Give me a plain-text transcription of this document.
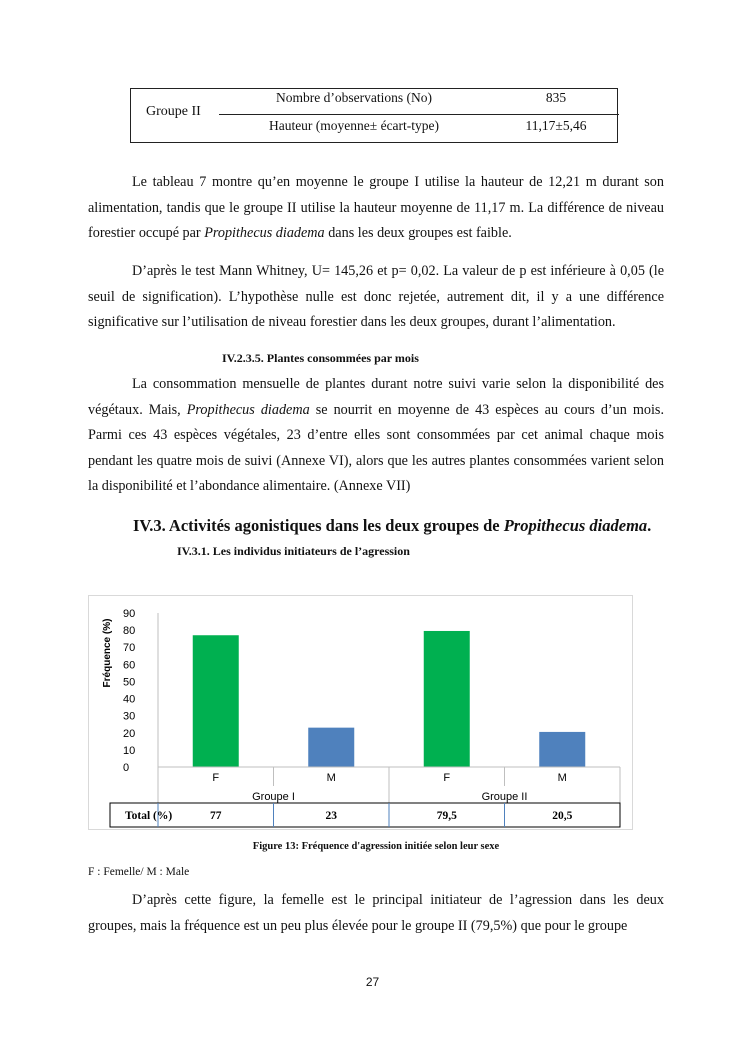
Groupe II
Nombre d’observations (No)	835
Hauteur (moyenne± écart-type)	11,17±5,46

Le tableau 7 montre qu’en moyenne le groupe I utilise la hauteur de 12,21 m durant son alimentation, tandis que le groupe II utilise la hauteur moyenne de 11,17 m. La différence de niveau forestier occupé par Propithecus diadema dans les deux groupes est faible.

D’après le test Mann Whitney, U= 145,26 et p= 0,02. La valeur de p est inférieure à 0,05 (le seuil de signification). L’hypothèse nulle est donc rejetée, autrement dit, il y a une différence significative sur l’utilisation de niveau forestier dans les deux groupes, durant l’alimentation.

IV.2.3.5. Plantes consommées par mois

La consommation mensuelle de plantes durant notre suivi varie selon la disponibilité des végétaux. Mais, Propithecus diadema se nourrit en moyenne de 43 espèces au cours d’un mois. Parmi ces 43 espèces végétales, 23 d’entre elles sont consommées par cet animal chaque mois pendant les quatre mois de suivi (Annexe VI), alors que les autres plantes consommées varient selon la disponibilité et l’abondance alimentaire. (Annexe VII)

IV.3. Activités agonistiques dans les deux groupes de Propithecus diadema.
IV.3.1. Les individus initiateurs de l’agression
Fréquence (%)
0
10
20
30
40
50
60
70
80
90
F	M	F	M
Groupe I	Groupe II
Total (%)	77	23	79,5	20,5
Figure 13: Fréquence d'agression initiée selon leur sexe
F : Femelle/ M : Male

D’après cette figure, la femelle est le principal initiateur de l’agression dans les deux groupes, mais la fréquence est un peu plus élevée pour le groupe II (79,5%) que pour le groupe

27
